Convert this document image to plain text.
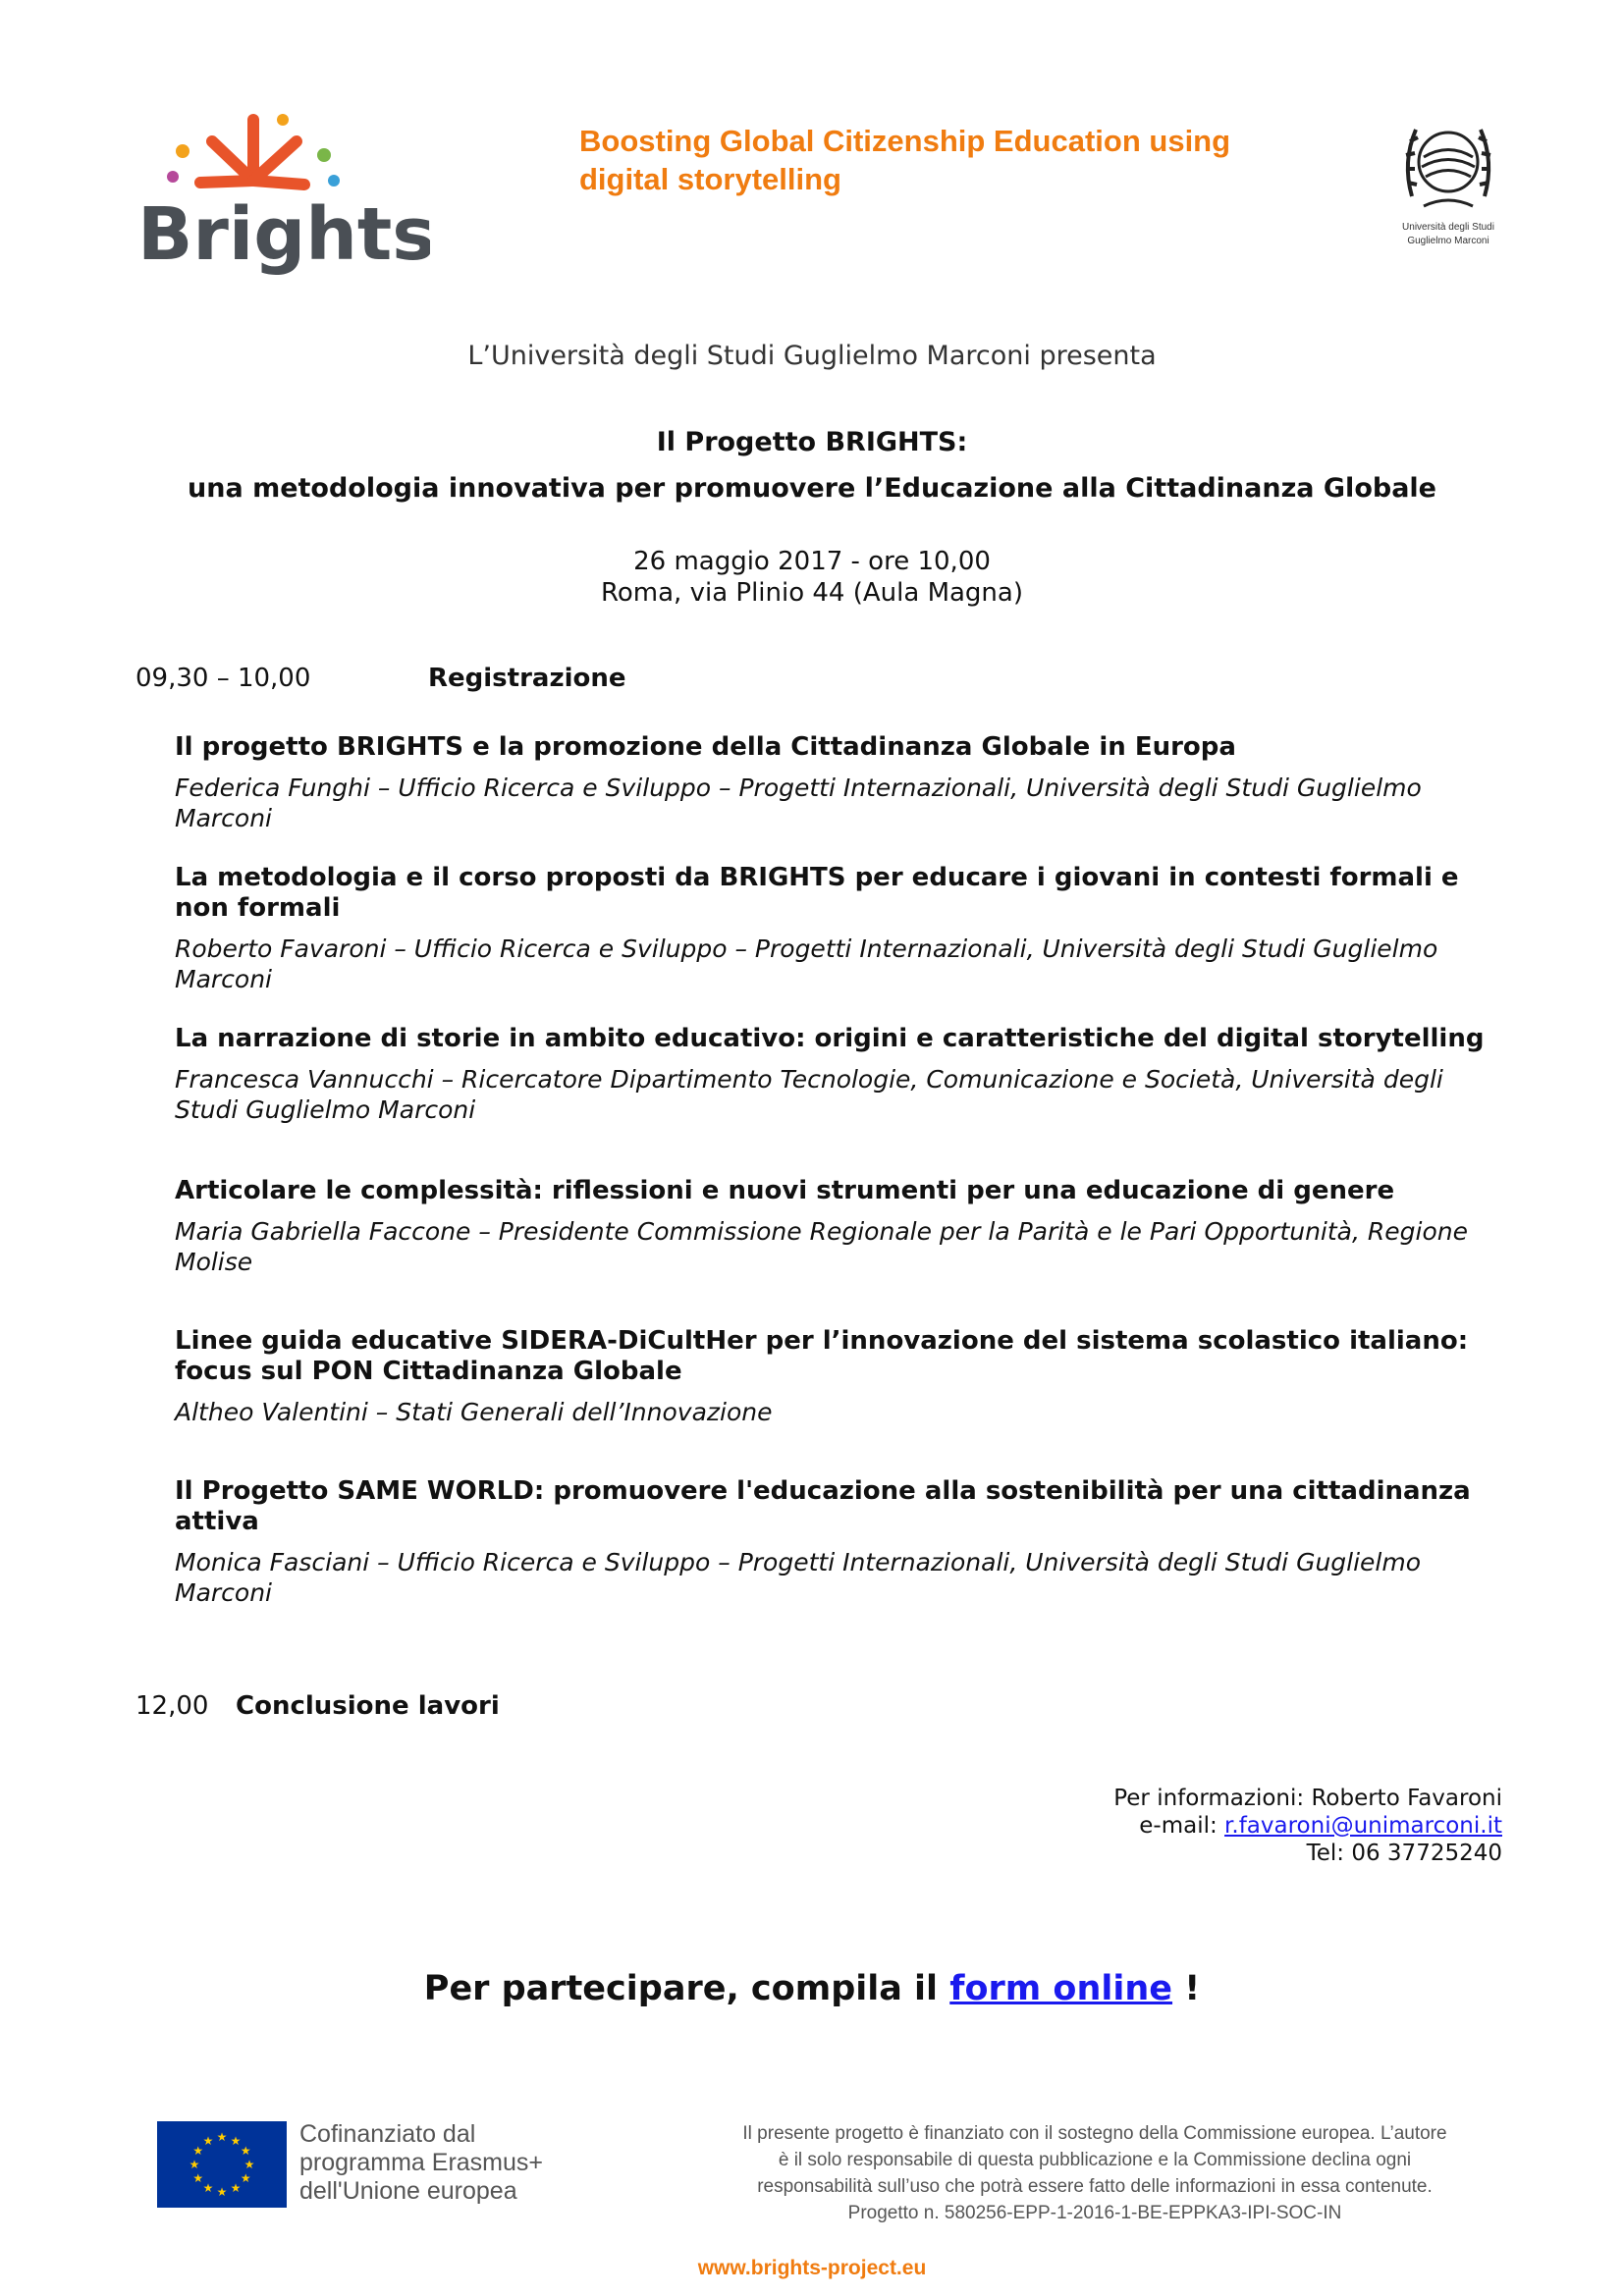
Brights
Boosting Global Citizenship Education using
digital storytelling
Università degli Studi
Guglielmo Marconi
L’Università degli Studi Guglielmo Marconi presenta
Il Progetto BRIGHTS:
una metodologia innovativa per promuovere l’Educazione alla Cittadinanza Globale
26 maggio 2017 - ore 10,00
Roma, via Plinio 44 (Aula Magna)
09,30 – 10,00	Registrazione

Il progetto BRIGHTS e la promozione della Cittadinanza Globale in Europa

Federica Funghi – Ufficio Ricerca e Sviluppo – Progetti Internazionali, Università degli Studi Guglielmo Marconi

La metodologia e il corso proposti da BRIGHTS per educare i giovani in contesti formali e non formali

Roberto Favaroni – Ufficio Ricerca e Sviluppo – Progetti Internazionali, Università degli Studi Guglielmo Marconi

La narrazione di storie in ambito educativo: origini e caratteristiche del digital storytelling

Francesca Vannucchi – Ricercatore Dipartimento Tecnologie, Comunicazione e Società, Università degli Studi Guglielmo Marconi

Articolare le complessità: riflessioni e nuovi strumenti per una educazione di genere

Maria Gabriella Faccone – Presidente Commissione Regionale per la Parità e le Pari Opportunità, Regione Molise

Linee guida educative SIDERA-DiCultHer per l’innovazione del sistema scolastico italiano: focus sul PON Cittadinanza Globale

Altheo Valentini – Stati Generali dell’Innovazione

Il Progetto SAME WORLD: promuovere l'educazione alla sostenibilità per una cittadinanza attiva

Monica Fasciani – Ufficio Ricerca e Sviluppo – Progetti Internazionali, Università degli Studi Guglielmo Marconi

12,00 Conclusione lavori
Per informazioni: Roberto Favaroni
e-mail: r.favaroni@unimarconi.it
Tel: 06 37725240
Per partecipare, compila il form online !
★ ★
★
★
★
★
★
★
★
★
★
★	Cofinanziato dal
programma Erasmus+
dell'Unione europea
Il presente progetto è finanziato con il sostegno della Commissione europea. L’autore
è il solo responsabile di questa pubblicazione e la Commissione declina ogni
responsabilità sull’uso che potrà essere fatto delle informazioni in essa contenute.
Progetto n. 580256-EPP-1-2016-1-BE-EPPKA3-IPI-SOC-IN
www.brights-project.eu
